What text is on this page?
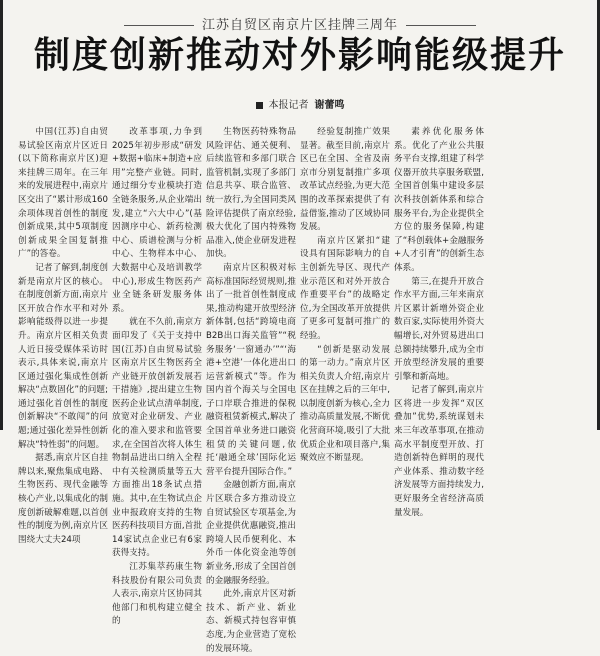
江苏自贸区南京片区挂牌三周年
制度创新推动对外影响能级提升
本报记者 谢蕾鸣

中国(江苏)自由贸易试验区南京片区近日(以下简称南京片区)迎来挂牌三周年。在三年来的发展进程中,南京片区交出了“累计形成160余项体现首创性的制度创新成果,其中5项制度创新成果全国复制推广”的答卷。

记者了解到,制度创新是南京片区的核心。在制度创新方面,南京片区开放合作水平和对外影响能级得以进一步提升。南京片区相关负责人近日接受媒体采访时表示,具体来说,南京片区通过强化集成性创新解决“点数固化”的问题;通过强化首创性的制度创新解决“不敢闯”的问题;通过强化差异性创新解决“特性弱”的问题。

据悉,南京片区自挂牌以来,聚焦集成电路、生物医药、现代金融等核心产业,以集成化的制度创新破解难题,以首创性的制度为例,南京片区围绕大丈夫24项

改革事项,力争到2025年初步形成“研发+数据+临床+制造+应用”完整产业链。同时,通过细分专业模块打造全链条服务,从企业端出发,建立“六大中心”(基因测序中心、新药检测中心、质谱检测与分析中心、生物样本中心、大数据中心及培训教学中心),形成生物医药产业全链条研发服务体系。

就在不久前,南京方面印发了《关于支持中国(江苏)自由贸易试验区南京片区生物医药全产业链开放创新发展若干措施》,提出建立生物医药企业试点清单制度,放宽对企业研发、产业化的准入要求和监管要求,在全国首次将人体生物制品进出口纳入全程中有关检测质量等五大方面推出18条试点措施。其中,在生物试点企业申报政府支持的生物医药科技项目方面,首批14家试点企业已有6家获得支持。

江苏集萃药康生物科技股份有限公司负责人表示,南京片区协同其他部门和机构建立健全的

生物医药特殊物品风险评估、通关便利、后续监管和多部门联合监管机制,实现了多部门信息共享、联合监管、统一放行,为全国同类风险评估提供了南京经验,极大优化了国内特殊物品准入,使企业研发进程加快。

南京片区积极对标高标准国际经贸规则,推出了一批首创性制度成果,推动构建开放型经济新体制,包括“跨境电商B2B出口海关监管”“税务服务‘一窗通办’”“‘海港+空港’一体化进出口运营新模式”等。作为国内首个海关与全国电子口岸联合推进的保税融资租赁新模式,解决了全国首单业务进口融资租赁的关键问题,依托‘融通全球’国际化运营平台提升国际合作。”

金融创新方面,南京片区联合多方推动设立自贸试验区专项基金,为企业提供优惠融资,推出跨境人民币便利化、本外币一体化资金池等创新业务,形成了全国首创的金融服务经验。

此外,南京片区对新技术、新产业、新业态、新模式持包容审慎态度,为企业营造了宽松的发展环境。

经验复制推广效果显著。截至目前,南京片区已在全国、全省及南京市分别复制推广多项改革试点经验,为更大范围的改革探索提供了有益借鉴,推动了区域协同发展。

南京片区紧扣“建设具有国际影响力的自主创新先导区、现代产业示范区和对外开放合作重要平台”的战略定位,为全国改革开放提供了更多可复制可推广的经验。

“创新是驱动发展的第一动力。”南京片区相关负责人介绍,南京片区在挂牌之后的三年中,以制度创新为核心,全力推动高质量发展,不断优化营商环境,吸引了大批优质企业和项目落户,集聚效应不断显现。

素养优化服务体系。优化了产业公共服务平台支撑,组建了科学仪器开放共享服务联盟,全国首创集中建设多层次科技创新体系和综合服务平台,为企业提供全方位的服务保障,构建了“科创载体+金融服务+人才引育”的创新生态体系。

第三,在提升开放合作水平方面,三年来南京片区累计新增外资企业数百家,实际使用外资大幅增长,对外贸易进出口总额持续攀升,成为全市开放型经济发展的重要引擎和新高地。

记者了解到,南京片区将进一步发挥“双区叠加”优势,系统谋划未来三年改革事项,在推动高水平制度型开放、打造创新特色鲜明的现代产业体系、推动数字经济发展等方面持续发力,更好服务全省经济高质量发展。
